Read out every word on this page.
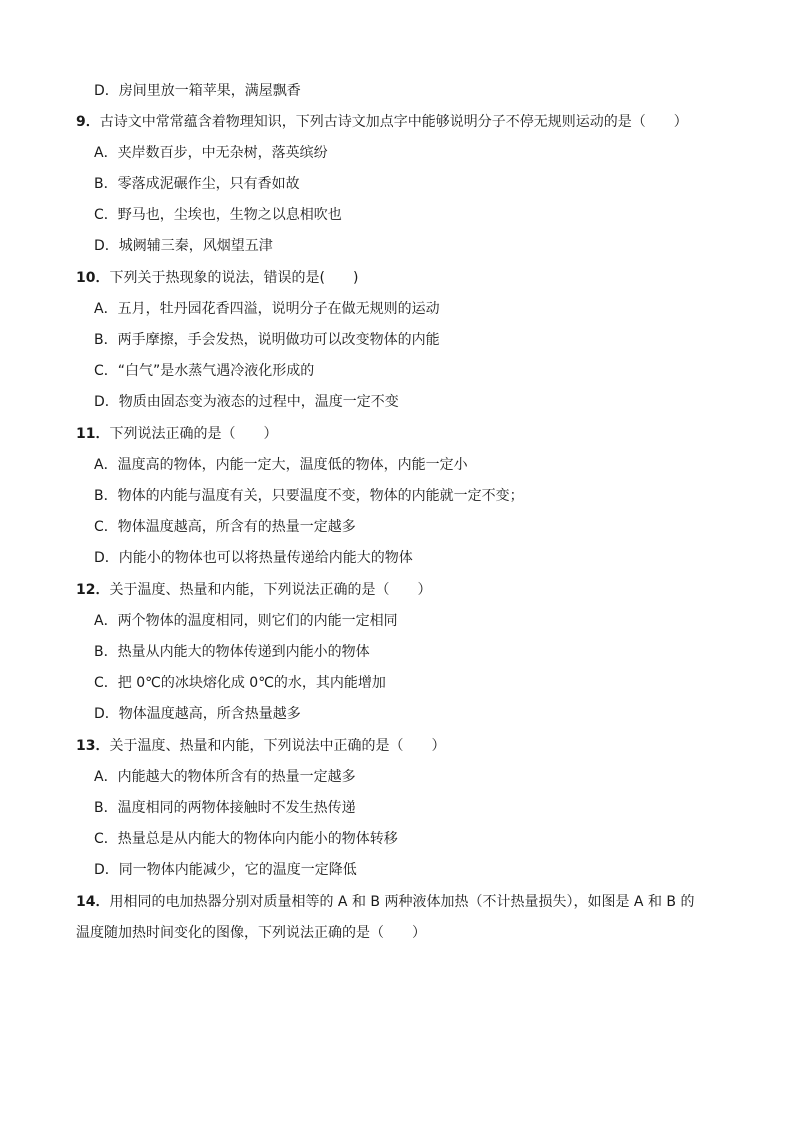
D．房间里放一箱苹果，满屋飘香
9．古诗文中常常蕴含着物理知识，下列古诗文加点字中能够说明分子不停无规则运动的是（　　）
A．夹岸数百步，中无杂树，落英缤纷
B．零落成泥碾作尘，只有香如故
C．野马也，尘埃也，生物之以息相吹也
D．城阙辅三秦，风烟望五津
10．下列关于热现象的说法，错误的是(　　)
A．五月，牡丹园花香四溢，说明分子在做无规则的运动
B．两手摩擦，手会发热，说明做功可以改变物体的内能
C．“白气”是水蒸气遇冷液化形成的
D．物质由固态变为液态的过程中，温度一定不变
11．下列说法正确的是（　　）
A．温度高的物体，内能一定大，温度低的物体，内能一定小
B．物体的内能与温度有关，只要温度不变，物体的内能就一定不变；
C．物体温度越高，所含有的热量一定越多
D．内能小的物体也可以将热量传递给内能大的物体
12．关于温度、热量和内能，下列说法正确的是（　　）
A．两个物体的温度相同，则它们的内能一定相同
B．热量从内能大的物体传递到内能小的物体
C．把 0℃的冰块熔化成 0℃的水，其内能增加
D．物体温度越高，所含热量越多
13．关于温度、热量和内能，下列说法中正确的是（　　）
A．内能越大的物体所含有的热量一定越多
B．温度相同的两物体接触时不发生热传递
C．热量总是从内能大的物体向内能小的物体转移
D．同一物体内能减少，它的温度一定降低
14．用相同的电加热器分别对质量相等的 A 和 B 两种液体加热（不计热量损失），如图是 A 和 B 的
温度随加热时间变化的图像，下列说法正确的是（　　）
